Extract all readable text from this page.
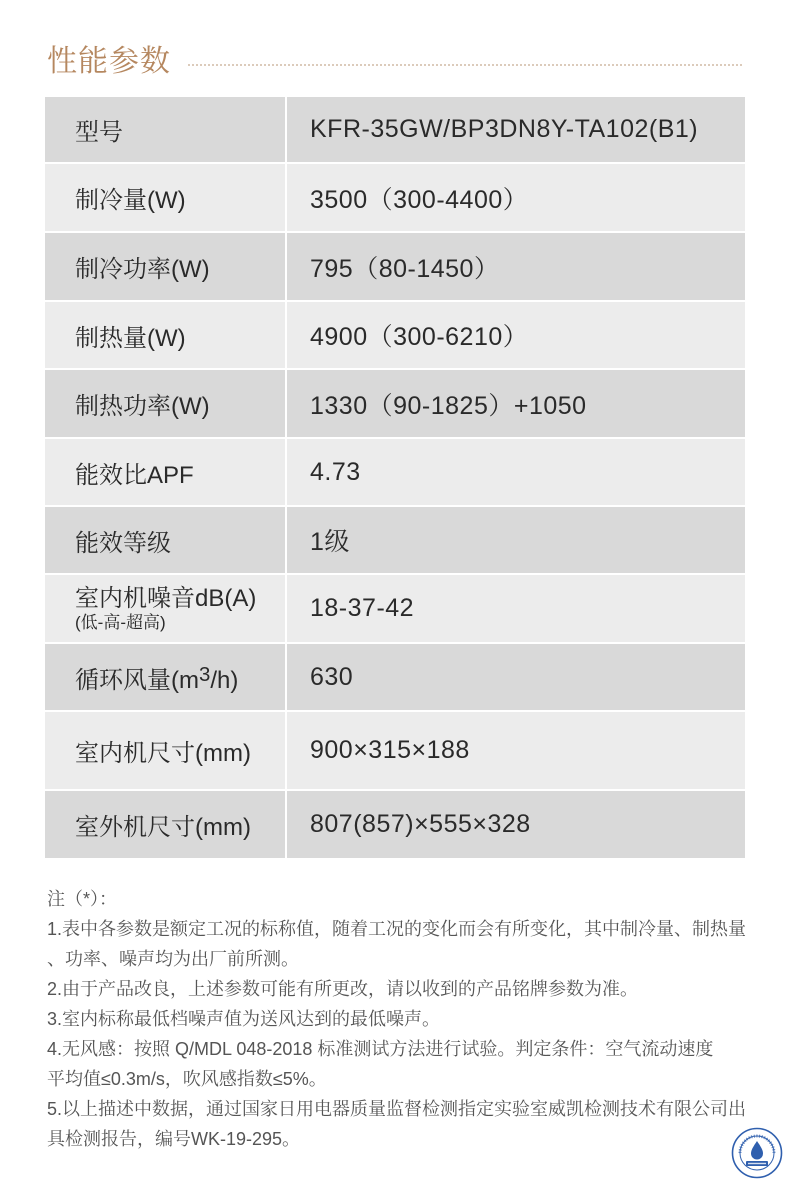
性能参数
型号	KFR-35GW/BP3DN8Y-TA102(B1)
制冷量(W)	3500（300-4400）
制冷功率(W)	795（80-1450）
制热量(W)	4900（300-6210）
制热功率(W)	1330（90-1825）+1050
能效比APF	4.73
能效等级	1级
室内机噪音dB(A)
(低-高-超高)	18-37-42
循环风量$(m^3/h)$	630
室内机尺寸(mm) 900×315×188
室外机尺寸(mm) 807(857)×555×328
注（*）：
1.表中各参数是额定工况的标称值，随着工况的变化而会有所变化，其中制冷量、制热量
、功率、噪声均为出厂前所测。
2.由于产品改良，上述参数可能有所更改，请以收到的产品铭牌参数为准。
3.室内标称最低档噪声值为送风达到的最低噪声。
4.无风感：按照 Q/MDL 048-2018 标准测试方法进行试验。判定条件：空气流动速度
平均值≤0.3m/s，吹风感指数≤5%。
5.以上描述中数据，通过国家日用电器质量监督检测指定实验室威凯检测技术有限公司出
具检测报告，编号WK-19-295。
